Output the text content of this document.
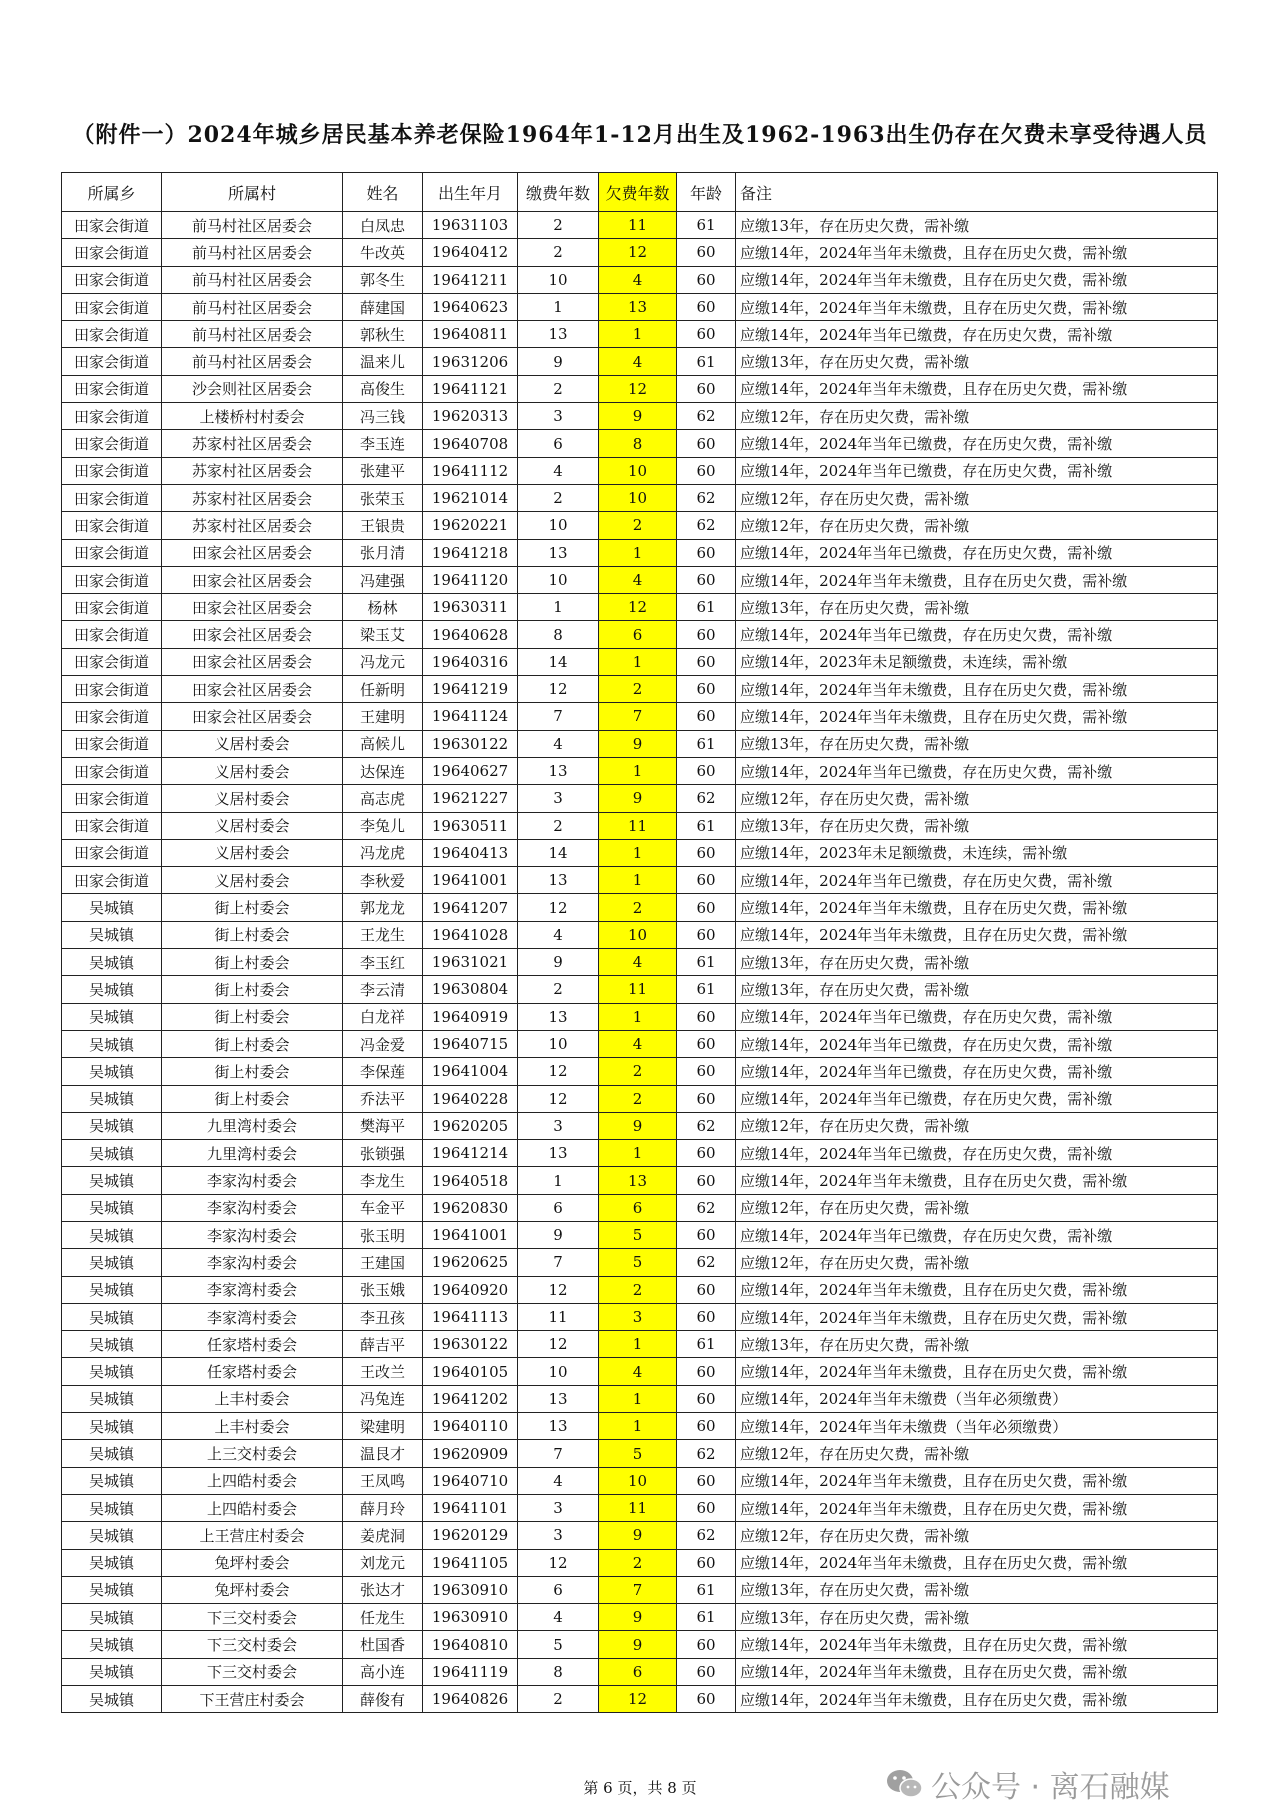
（附件一）2024年城乡居民基本养老保险1964年1-12月出生及1962-1963出生仍存在欠费未享受待遇人员
所属乡	所属村	姓名	出生年月	缴费年数	欠费年数	年龄	备注
田家会街道	前马村社区居委会	白凤忠	19631103	2	11	61	应缴13年，存在历史欠费，需补缴
田家会街道	前马村社区居委会	牛改英	19640412	2	12	60	应缴14年，2024年当年未缴费，且存在历史欠费，需补缴
田家会街道	前马村社区居委会	郭冬生	19641211	10	4	60	应缴14年，2024年当年未缴费，且存在历史欠费，需补缴
田家会街道	前马村社区居委会	薛建国	19640623	1	13	60	应缴14年，2024年当年未缴费，且存在历史欠费，需补缴
田家会街道	前马村社区居委会	郭秋生	19640811	13	1	60	应缴14年，2024年当年已缴费，存在历史欠费，需补缴
田家会街道	前马村社区居委会	温来儿	19631206	9	4	61	应缴13年，存在历史欠费，需补缴
田家会街道	沙会则社区居委会	高俊生	19641121	2	12	60	应缴14年，2024年当年未缴费，且存在历史欠费，需补缴
田家会街道	上楼桥村村委会	冯三钱	19620313	3	9	62	应缴12年，存在历史欠费，需补缴
田家会街道	苏家村社区居委会	李玉连	19640708	6	8	60	应缴14年，2024年当年已缴费，存在历史欠费，需补缴
田家会街道	苏家村社区居委会	张建平	19641112	4	10	60	应缴14年，2024年当年已缴费，存在历史欠费，需补缴
田家会街道	苏家村社区居委会	张荣玉	19621014	2	10	62	应缴12年，存在历史欠费，需补缴
田家会街道	苏家村社区居委会	王银贵	19620221	10	2	62	应缴12年，存在历史欠费，需补缴
田家会街道	田家会社区居委会	张月清	19641218	13	1	60	应缴14年，2024年当年已缴费，存在历史欠费，需补缴
田家会街道	田家会社区居委会	冯建强	19641120	10	4	60	应缴14年，2024年当年未缴费，且存在历史欠费，需补缴
田家会街道	田家会社区居委会	杨林	19630311	1	12	61	应缴13年，存在历史欠费，需补缴
田家会街道	田家会社区居委会	梁玉艾	19640628	8	6	60	应缴14年，2024年当年已缴费，存在历史欠费，需补缴
田家会街道	田家会社区居委会	冯龙元	19640316	14	1	60	应缴14年，2023年未足额缴费，未连续，需补缴
田家会街道	田家会社区居委会	任新明	19641219	12	2	60	应缴14年，2024年当年未缴费，且存在历史欠费，需补缴
田家会街道	田家会社区居委会	王建明	19641124	7	7	60	应缴14年，2024年当年未缴费，且存在历史欠费，需补缴
田家会街道	义居村委会	高候儿	19630122	4	9	61	应缴13年，存在历史欠费，需补缴
田家会街道	义居村委会	达保连	19640627	13	1	60	应缴14年，2024年当年已缴费，存在历史欠费，需补缴
田家会街道	义居村委会	高志虎	19621227	3	9	62	应缴12年，存在历史欠费，需补缴
田家会街道	义居村委会	李兔儿	19630511	2	11	61	应缴13年，存在历史欠费，需补缴
田家会街道	义居村委会	冯龙虎	19640413	14	1	60	应缴14年，2023年未足额缴费，未连续，需补缴
田家会街道	义居村委会	李秋爱	19641001	13	1	60	应缴14年，2024年当年已缴费，存在历史欠费，需补缴
吴城镇	街上村委会	郭龙龙	19641207	12	2	60	应缴14年，2024年当年未缴费，且存在历史欠费，需补缴
吴城镇	街上村委会	王龙生	19641028	4	10	60	应缴14年，2024年当年未缴费，且存在历史欠费，需补缴
吴城镇	街上村委会	李玉红	19631021	9	4	61	应缴13年，存在历史欠费，需补缴
吴城镇	街上村委会	李云清	19630804	2	11	61	应缴13年，存在历史欠费，需补缴
吴城镇	街上村委会	白龙祥	19640919	13	1	60	应缴14年，2024年当年已缴费，存在历史欠费，需补缴
吴城镇	街上村委会	冯金爱	19640715	10	4	60	应缴14年，2024年当年已缴费，存在历史欠费，需补缴
吴城镇	街上村委会	李保莲	19641004	12	2	60	应缴14年，2024年当年已缴费，存在历史欠费，需补缴
吴城镇	街上村委会	乔法平	19640228	12	2	60	应缴14年，2024年当年已缴费，存在历史欠费，需补缴
吴城镇	九里湾村委会	樊海平	19620205	3	9	62	应缴12年，存在历史欠费，需补缴
吴城镇	九里湾村委会	张锁强	19641214	13	1	60	应缴14年，2024年当年已缴费，存在历史欠费，需补缴
吴城镇	李家沟村委会	李龙生	19640518	1	13	60	应缴14年，2024年当年未缴费，且存在历史欠费，需补缴
吴城镇	李家沟村委会	车金平	19620830	6	6	62	应缴12年，存在历史欠费，需补缴
吴城镇	李家沟村委会	张玉明	19641001	9	5	60	应缴14年，2024年当年已缴费，存在历史欠费，需补缴
吴城镇	李家沟村委会	王建国	19620625	7	5	62	应缴12年，存在历史欠费，需补缴
吴城镇	李家湾村委会	张玉娥	19640920	12	2	60	应缴14年，2024年当年未缴费，且存在历史欠费，需补缴
吴城镇	李家湾村委会	李丑孩	19641113	11	3	60	应缴14年，2024年当年未缴费，且存在历史欠费，需补缴
吴城镇	任家塔村委会	薛吉平	19630122	12	1	61	应缴13年，存在历史欠费，需补缴
吴城镇	任家塔村委会	王改兰	19640105	10	4	60	应缴14年，2024年当年未缴费，且存在历史欠费，需补缴
吴城镇	上丰村委会	冯兔连	19641202	13	1	60	应缴14年，2024年当年未缴费（当年必须缴费）
吴城镇	上丰村委会	梁建明	19640110	13	1	60	应缴14年，2024年当年未缴费（当年必须缴费）
吴城镇	上三交村委会	温艮才	19620909	7	5	62	应缴12年，存在历史欠费，需补缴
吴城镇	上四皓村委会	王凤鸣	19640710	4	10	60	应缴14年，2024年当年未缴费，且存在历史欠费，需补缴
吴城镇	上四皓村委会	薛月玲	19641101	3	11	60	应缴14年，2024年当年未缴费，且存在历史欠费，需补缴
吴城镇	上王营庄村委会	姜虎洞	19620129	3	9	62	应缴12年，存在历史欠费，需补缴
吴城镇	兔坪村委会	刘龙元	19641105	12	2	60	应缴14年，2024年当年未缴费，且存在历史欠费，需补缴
吴城镇	兔坪村委会	张达才	19630910	6	7	61	应缴13年，存在历史欠费，需补缴
吴城镇	下三交村委会	任龙生	19630910	4	9	61	应缴13年，存在历史欠费，需补缴
吴城镇	下三交村委会	杜国香	19640810	5	9	60	应缴14年，2024年当年未缴费，且存在历史欠费，需补缴
吴城镇	下三交村委会	高小连	19641119	8	6	60	应缴14年，2024年当年未缴费，且存在历史欠费，需补缴
吴城镇	下王营庄村委会	薛俊有	19640826	2	12	60	应缴14年，2024年当年未缴费，且存在历史欠费，需补缴
第 6 页，共 8 页	公众号 · 离石融媒
